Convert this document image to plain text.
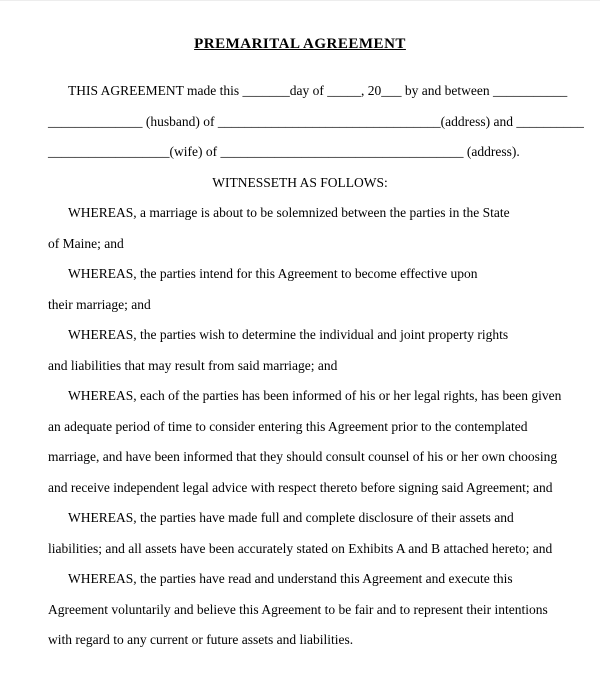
PREMARITAL AGREEMENT
THIS AGREEMENT made this _______day of _____, 20___ by and between ___________
______________ (husband) of _________________________________(address) and __________
__________________(wife) of ____________________________________ (address).
WITNESSETH AS FOLLOWS:
WHEREAS, a marriage is about to be solemnized between the parties in the State
of Maine; and
WHEREAS, the parties intend for this Agreement to become effective upon
their marriage; and
WHEREAS, the parties wish to determine the individual and joint property rights
and liabilities that may result from said marriage; and
WHEREAS, each of the parties has been informed of his or her legal rights, has been given
an adequate period of time to consider entering this Agreement prior to the contemplated
marriage, and have been informed that they should consult counsel of his or her own choosing
and receive independent legal advice with respect thereto before signing said Agreement; and
WHEREAS, the parties have made full and complete disclosure of their assets and
liabilities; and all assets have been accurately stated on Exhibits A and B attached hereto; and
WHEREAS, the parties have read and understand this Agreement and execute this
Agreement voluntarily and believe this Agreement to be fair and to represent their intentions
with regard to any current or future assets and liabilities.
